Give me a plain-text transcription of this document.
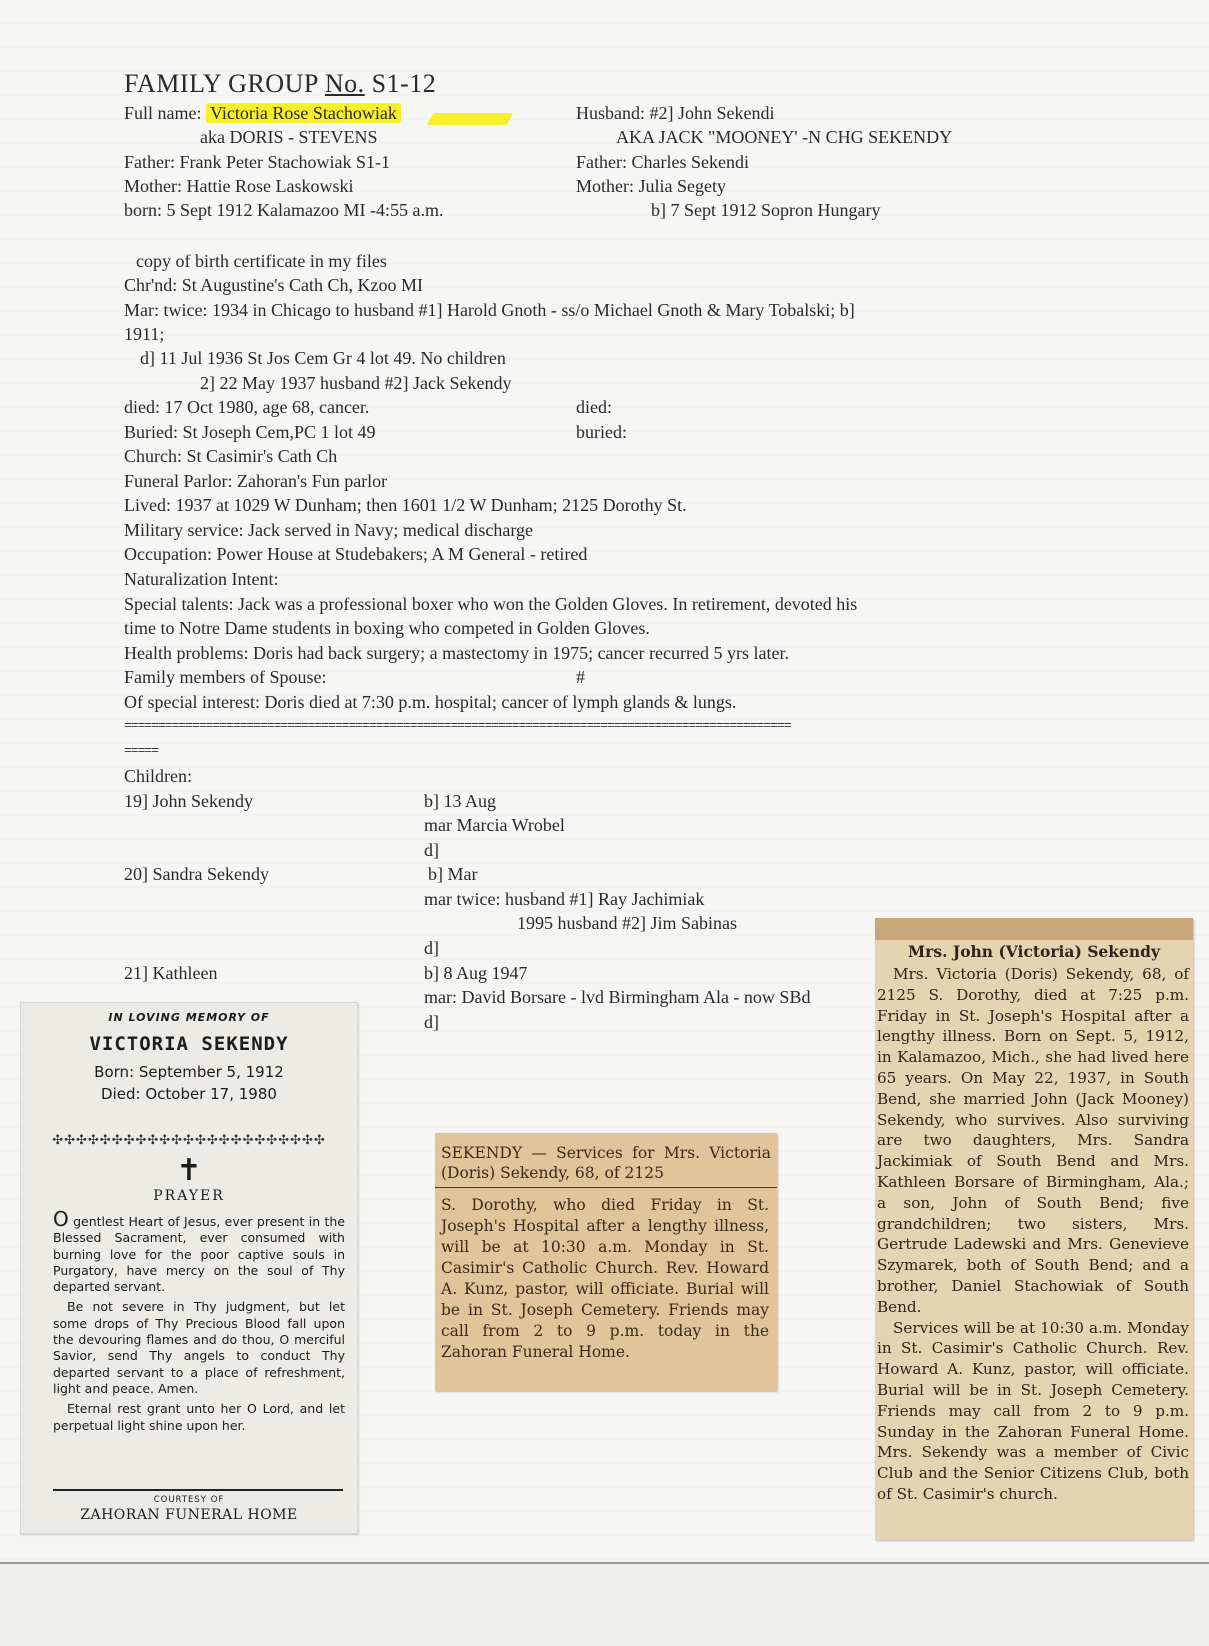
FAMILY GROUP No. S1-12
Full name: Victoria Rose Stachowiak
aka DORIS - STEVENS
Father: Frank Peter Stachowiak S1-1
Mother: Hattie Rose Laskowski
born: 5 Sept 1912 Kalamazoo MI -4:55 a.m.
Husband: #2] John Sekendi
AKA JACK "MOONEY' -N CHG SEKENDY
Father: Charles Sekendi
Mother: Julia Segety
b] 7 Sept 1912 Sopron Hungary
copy of birth certificate in my files
Chr'nd: St Augustine's Cath Ch, Kzoo MI
Mar: twice: 1934 in Chicago to husband #1] Harold Gnoth - ss/o Michael Gnoth & Mary Tobalski; b]
1911;
d] 11 Jul 1936 St Jos Cem Gr 4 lot 49. No children
2] 22 May 1937 husband #2] Jack Sekendy
died: 17 Oct 1980, age 68, cancer.	died:
Buried: St Joseph Cem,PC 1 lot 49	buried:
Church: St Casimir's Cath Ch
Funeral Parlor: Zahoran's Fun parlor
Lived: 1937 at 1029 W Dunham; then 1601 1/2 W Dunham; 2125 Dorothy St.
Military service: Jack served in Navy; medical discharge
Occupation: Power House at Studebakers; A M General - retired
Naturalization Intent:
Special talents: Jack was a professional boxer who won the Golden Gloves. In retirement, devoted his
time to Notre Dame students in boxing who competed in Golden Gloves.
Health problems: Doris had back surgery; a mastectomy in 1975; cancer recurred 5 yrs later.
Family members of Spouse:	#
Of special interest: Doris died at 7:30 p.m. hospital; cancer of lymph glands & lungs.
==================================================================================================
=====
Children:
19] John Sekendy	b] 13 Aug
mar Marcia Wrobel
d]
20] Sandra Sekendy	b] Mar
mar twice: husband #1] Ray Jachimiak
1995 husband #2] Jim Sabinas
d]
21] Kathleen	b] 8 Aug 1947
mar: David Borsare - lvd Birmingham Ala - now SBd
d]
IN LOVING MEMORY OF
VICTORIA SEKENDY
Born: September 5, 1912
Died: October 17, 1980
✣✣✣✣✣✣✣✣✣✣✣✣✣✣✣✣✣✣✣✣✣✣✣
✝
PRAYER

O gentlest Heart of Jesus, ever present in the Blessed Sacrament, ever consumed with burning love for the poor captive souls in Purgatory, have mercy on the soul of Thy departed servant.

Be not severe in Thy judgment, but let some drops of Thy Precious Blood fall upon the devouring flames and do thou, O merciful Savior, send Thy angels to conduct Thy departed servant to a place of refreshment, light and peace. Amen.

Eternal rest grant unto her O Lord, and let perpetual light shine upon her.

COURTESY OF
ZAHORAN FUNERAL HOME
SEKENDY — Services for Mrs. Victoria (Doris) Sekendy, 68, of 2125
S. Dorothy, who died Friday in St. Joseph's Hospital after a lengthy illness, will be at 10:30 a.m. Monday in St. Casimir's Catholic Church. Rev. Howard A. Kunz, pastor, will officiate. Burial will be in St. Joseph Cemetery. Friends may call from 2 to 9 p.m. today in the Zahoran Funeral Home.
Mrs. John (Victoria) Sekendy

Mrs. Victoria (Doris) Sekendy, 68, of 2125 S. Dorothy, died at 7:25 p.m. Friday in St. Joseph's Hospital after a lengthy illness. Born on Sept. 5, 1912, in Kalamazoo, Mich., she had lived here 65 years. On May 22, 1937, in South Bend, she married John (Jack Mooney) Sekendy, who survives. Also surviving are two daughters, Mrs. Sandra Jackimiak of South Bend and Mrs. Kathleen Borsare of Birmingham, Ala.; a son, John of South Bend; five grandchildren; two sisters, Mrs. Gertrude Ladewski and Mrs. Genevieve Szymarek, both of South Bend; and a brother, Daniel Stachowiak of South Bend.

Services will be at 10:30 a.m. Monday in St. Casimir's Catholic Church. Rev. Howard A. Kunz, pastor, will officiate. Burial will be in St. Joseph Cemetery. Friends may call from 2 to 9 p.m. Sunday in the Zahoran Funeral Home. Mrs. Sekendy was a member of Civic Club and the Senior Citizens Club, both of St. Casimir's church.
